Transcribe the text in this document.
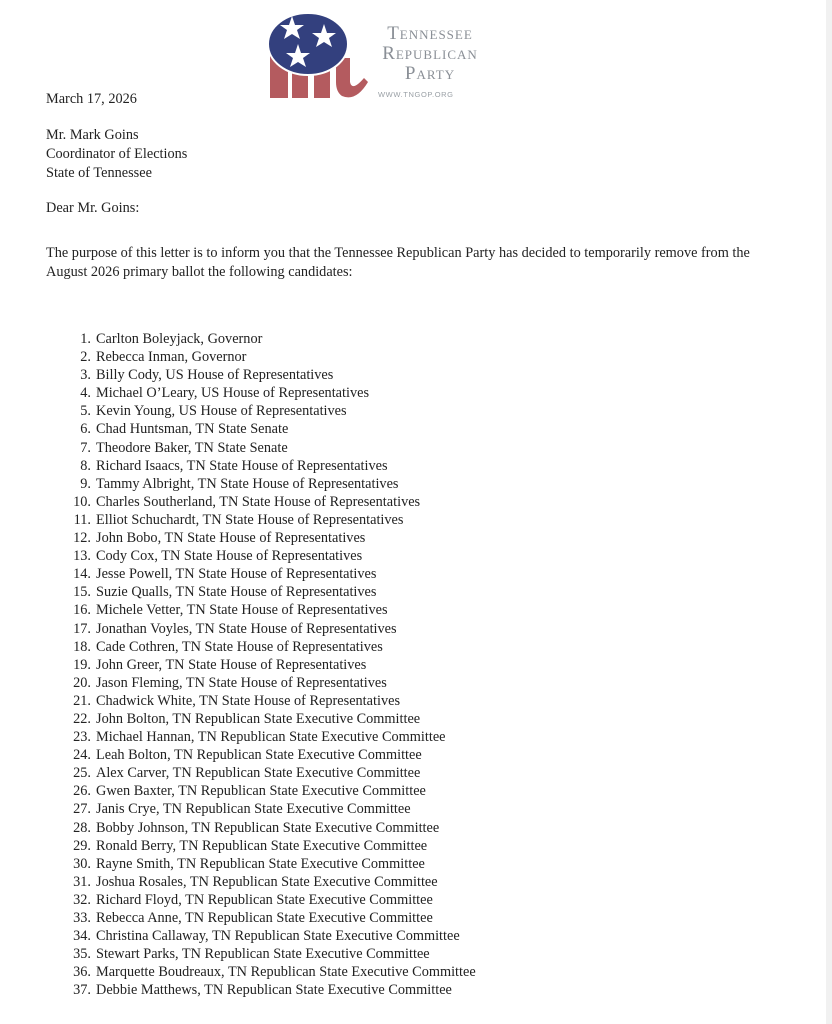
Tennessee
Republican
Party
WWW.TNGOP.ORG
March 17, 2026
Mr. Mark Goins
Coordinator of Elections
State of Tennessee
Dear Mr. Goins:
The purpose of this letter is to inform you that the Tennessee Republican Party has decided to temporarily remove from the August 2026 primary ballot the following candidates:
1. Carlton Boleyjack, Governor
2. Rebecca Inman, Governor
3. Billy Cody, US House of Representatives
4. Michael O’Leary, US House of Representatives
5. Kevin Young, US House of Representatives
6. Chad Huntsman, TN State Senate
7. Theodore Baker, TN State Senate
8. Richard Isaacs, TN State House of Representatives
9. Tammy Albright, TN State House of Representatives
10. Charles Southerland, TN State House of Representatives
11. Elliot Schuchardt, TN State House of Representatives
12. John Bobo, TN State House of Representatives
13. Cody Cox, TN State House of Representatives
14. Jesse Powell, TN State House of Representatives
15. Suzie Qualls, TN State House of Representatives
16. Michele Vetter, TN State House of Representatives
17. Jonathan Voyles, TN State House of Representatives
18. Cade Cothren, TN State House of Representatives
19. John Greer, TN State House of Representatives
20. Jason Fleming, TN State House of Representatives
21. Chadwick White, TN State House of Representatives
22. John Bolton, TN Republican State Executive Committee
23. Michael Hannan, TN Republican State Executive Committee
24. Leah Bolton, TN Republican State Executive Committee
25. Alex Carver, TN Republican State Executive Committee
26. Gwen Baxter, TN Republican State Executive Committee
27. Janis Crye, TN Republican State Executive Committee
28. Bobby Johnson, TN Republican State Executive Committee
29. Ronald Berry, TN Republican State Executive Committee
30. Rayne Smith, TN Republican State Executive Committee
31. Joshua Rosales, TN Republican State Executive Committee
32. Richard Floyd, TN Republican State Executive Committee
33. Rebecca Anne, TN Republican State Executive Committee
34. Christina Callaway, TN Republican State Executive Committee
35. Stewart Parks, TN Republican State Executive Committee
36. Marquette Boudreaux, TN Republican State Executive Committee
37. Debbie Matthews, TN Republican State Executive Committee
